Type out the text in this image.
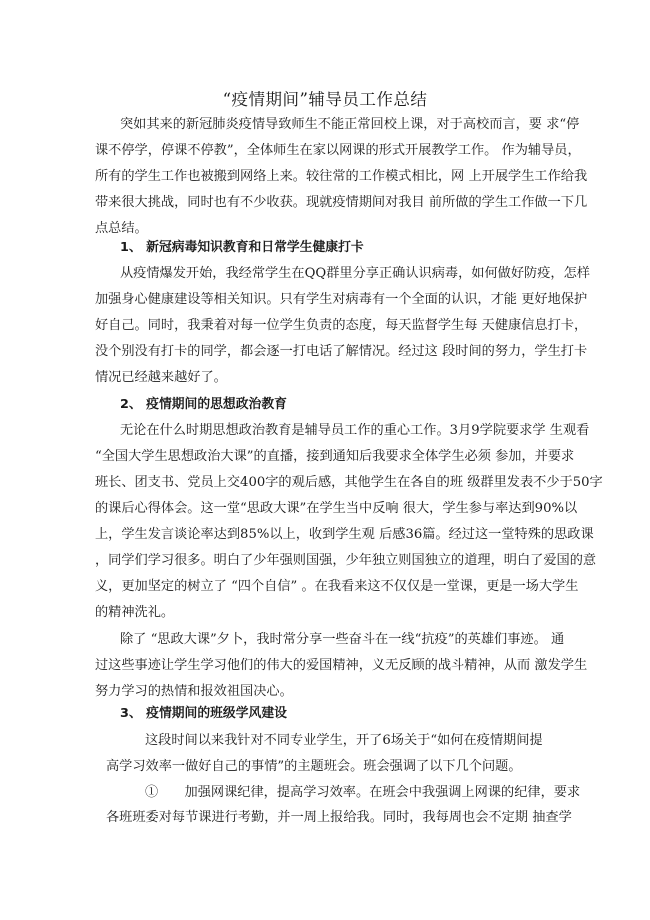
“疫情期间”辅导员工作总结
突如其来的新冠肺炎疫情导致师生不能正常回校上课，对于高校而言，要 求“停
课不停学，停课不停教”，全体师生在家以网课的形式开展教学工作。 作为辅导员，
所有的学生工作也被搬到网络上来。较往常的工作模式相比，网 上开展学生工作给我
带来很大挑战，同时也有不少收获。现就疫情期间对我目 前所做的学生工作做一下几
点总结。
1、 新冠病毒知识教育和日常学生健康打卡
从疫情爆发开始，我经常学生在QQ群里分享正确认识病毒，如何做好防疫，怎样
加强身心健康建设等相关知识。只有学生对病毒有一个全面的认识，才能 更好地保护
好自己。同时，我秉着对每一位学生负责的态度，每天监督学生每 天健康信息打卡，
没个别没有打卡的同学，都会逐一打电话了解情况。经过这 段时间的努力，学生打卡
情况已经越来越好了。
2、 疫情期间的思想政治教育
无论在什么时期思想政治教育是辅导员工作的重心工作。3月9学院要求学 生观看
“全国大学生思想政治大课”的直播，接到通知后我要求全体学生必须 参加，并要求
班长、团支书、党员上交400字的观后感，其他学生在各自的班 级群里发表不少于50字
的课后心得体会。这一堂“思政大课”在学生当中反响 很大，学生参与率达到90%以
上，学生发言谈论率达到85%以上，收到学生观 后感36篇。经过这一堂特殊的思政课
，同学们学习很多。明白了少年强则国强，少年独立则国独立的道理，明白了爱国的意
义，更加坚定的树立了 “四个自信” 。在我看来这不仅仅是一堂课，更是一场大学生
的精神洗礼。
除了 “思政大课”夕卜，我时常分享一些奋斗在一线“抗疫”的英雄们事迹。 通
过这些事迹让学生学习他们的伟大的爱国精神，义无反顾的战斗精神，从而 激发学生
努力学习的热情和报效祖国决心。
3、 疫情期间的班级学风建设
这段时间以来我针对不同专业学生，开了6场关于“如何在疫情期间提
高学习效率一做好自己的事情”的主题班会。班会强调了以下几个问题。
①　　加强网课纪律，提高学习效率。在班会中我强调上网课的纪律，要求
各班班委对每节课进行考勤，并一周上报给我。同时，我每周也会不定期 抽查学
